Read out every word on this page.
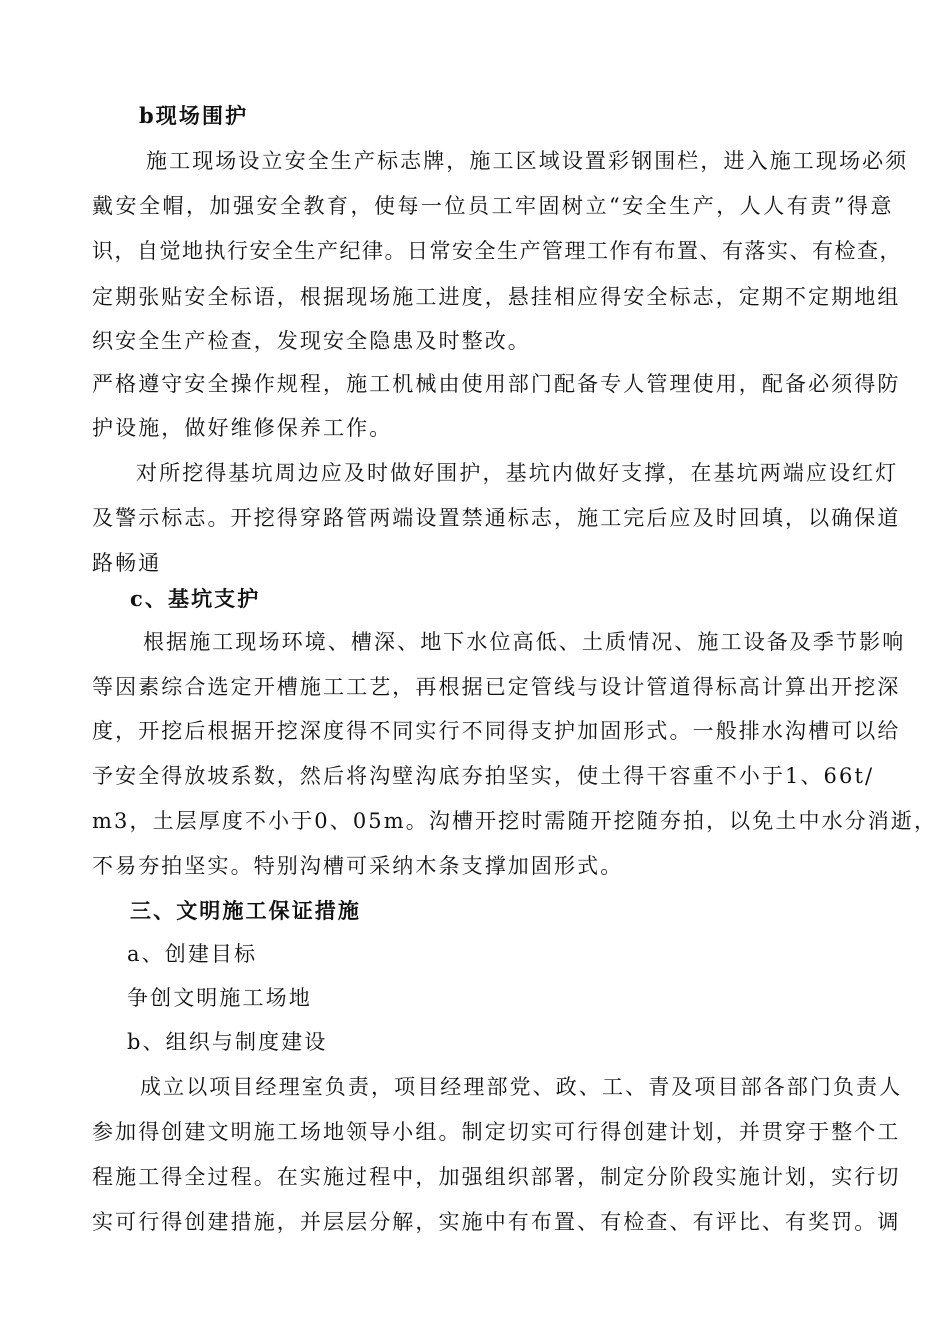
b现场围护
施工现场设立安全生产标志牌，施工区域设置彩钢围栏，进入施工现场必须
戴安全帽，加强安全教育，使每一位员工牢固树立“安全生产，人人有责”得意
识，自觉地执行安全生产纪律。日常安全生产管理工作有布置、有落实、有检查，
定期张贴安全标语，根据现场施工进度，悬挂相应得安全标志，定期不定期地组
织安全生产检查，发现安全隐患及时整改。
严格遵守安全操作规程，施工机械由使用部门配备专人管理使用，配备必须得防
护设施，做好维修保养工作。
对所挖得基坑周边应及时做好围护，基坑内做好支撑，在基坑两端应设红灯
及警示标志。开挖得穿路管两端设置禁通标志，施工完后应及时回填，以确保道
路畅通
c、基坑支护
根据施工现场环境、槽深、地下水位高低、土质情况、施工设备及季节影响
等因素综合选定开槽施工工艺，再根据已定管线与设计管道得标高计算出开挖深
度，开挖后根据开挖深度得不同实行不同得支护加固形式。一般排水沟槽可以给
予安全得放坡系数，然后将沟壁沟底夯拍坚实，使土得干容重不小于1、66t/
m3，土层厚度不小于0、05m。沟槽开挖时需随开挖随夯拍，以免土中水分消逝，
不易夯拍坚实。特别沟槽可采纳木条支撑加固形式。
三、文明施工保证措施
a、创建目标
争创文明施工场地
b、组织与制度建设
成立以项目经理室负责，项目经理部党、政、工、青及项目部各部门负责人
参加得创建文明施工场地领导小组。制定切实可行得创建计划，并贯穿于整个工
程施工得全过程。在实施过程中，加强组织部署，制定分阶段实施计划，实行切
实可行得创建措施，并层层分解，实施中有布置、有检查、有评比、有奖罚。调
